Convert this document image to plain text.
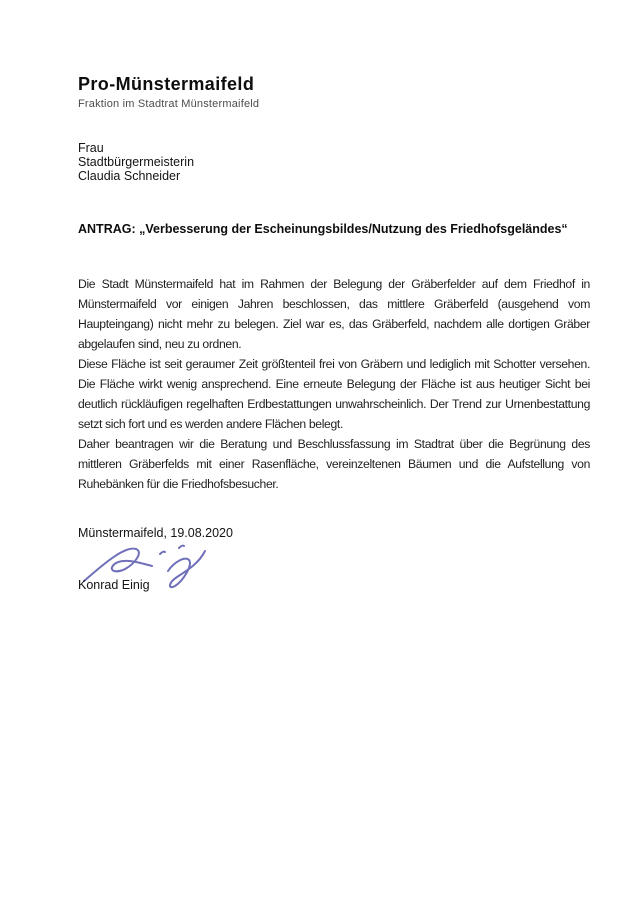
Pro-Münstermaifeld
Fraktion im Stadtrat Münstermaifeld
Frau
Stadtbürgermeisterin
Claudia Schneider
ANTRAG: „Verbesserung der Escheinungsbildes/Nutzung des Friedhofsgeländes“

Die Stadt Münstermaifeld hat im Rahmen der Belegung der Gräberfelder auf dem Friedhof in Münstermaifeld vor einigen Jahren beschlossen, das mittlere Gräberfeld (ausgehend vom Haupteingang) nicht mehr zu belegen. Ziel war es, das Gräberfeld, nachdem alle dortigen Gräber abgelaufen sind, neu zu ordnen.

Diese Fläche ist seit geraumer Zeit größtenteil frei von Gräbern und lediglich mit Schotter versehen. Die Fläche wirkt wenig ansprechend. Eine erneute Belegung der Fläche ist aus heutiger Sicht bei deutlich rückläufigen regelhaften Erdbestattungen unwahrscheinlich. Der Trend zur Urnenbestattung setzt sich fort und es werden andere Flächen belegt.

Daher beantragen wir die Beratung und Beschlussfassung im Stadtrat über die Begrünung des mittleren Gräberfelds mit einer Rasenfläche, vereinzeltenen Bäumen und die Aufstellung von Ruhebänken für die Friedhofsbesucher.

Münstermaifeld, 19.08.2020
Konrad Einig
